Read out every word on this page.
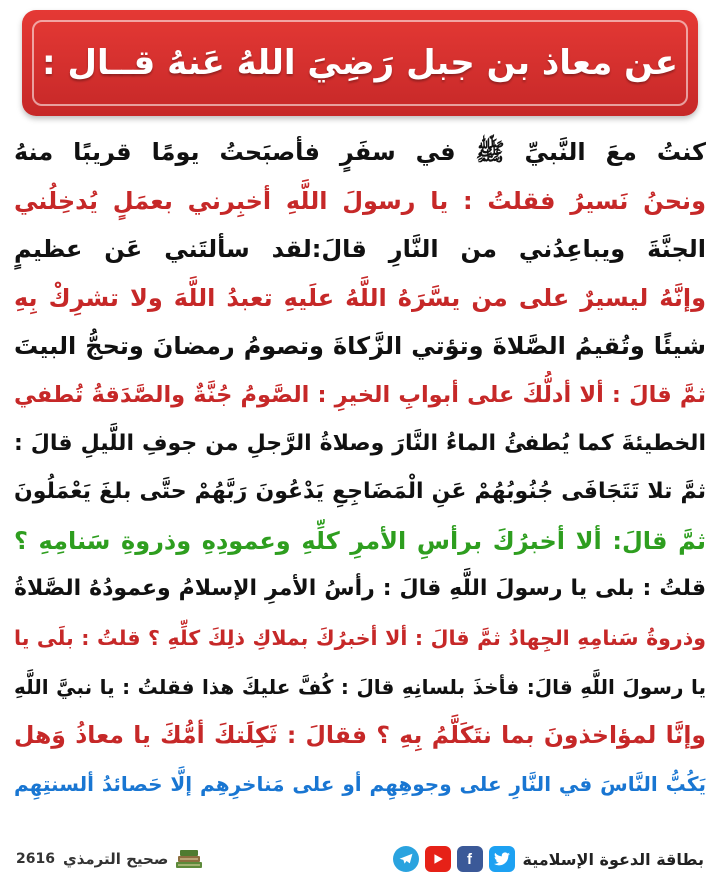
عن معاذ بن جبل رَضِيَ اللهُ عَنهُ قــال :
كنتُ معَ النَّبيِّ ﷺ في سفَرٍ فأصبَحتُ يومًا قريبًا منهُ
ونحنُ نَسيرُ فقلتُ : يا رسولَ اللَّهِ أخبِرني بعمَلٍ يُدخِلُني
الجنَّةَ ويباعِدُني من النَّارِ قالَ:لقد سألتَني عَن عظيمٍ
وإنَّهُ ليسيرٌ على من يسَّرَهُ اللَّهُ علَيهِ تعبدُ اللَّهَ ولا تشرِكْ بِهِ
شيئًا وتُقيمُ الصَّلاةَ وتؤتي الزَّكاةَ وتصومُ رمضانَ وتحجُّ البيتَ
ثمَّ قالَ : ألا أدلُّكَ على أبوابِ الخيرِ : الصَّومُ جُنَّةٌ والصَّدَقةُ تُطفي
الخطيئةَ كما يُطفئُ الماءُ النَّارَ وصلاةُ الرَّجلِ من جوفِ اللَّيلِ قالَ :
ثمَّ تلا تَتَجَافَى جُنُوبُهُمْ عَنِ الْمَضَاجِعِ يَدْعُونَ رَبَّهُمْ حتَّى بلغَ يَعْمَلُونَ
ثمَّ قالَ: ألا أخبرُكَ برأسِ الأمرِ كلِّهِ وعمودِهِ وذروةِ سَنامِهِ ؟
قلتُ : بلى يا رسولَ اللَّهِ قالَ : رأسُ الأمرِ الإسلامُ وعمودُهُ الصَّلاةُ
وذروةُ سَنامِهِ الجِهادُ ثمَّ قالَ : ألا أخبرُكَ بملاكِ ذلِكَ كلِّهِ ؟ قلتُ : بلَى يا
يا رسولَ اللَّهِ قالَ: فأخذَ بلسانِهِ قالَ : كُفَّ عليكَ هذا فقلتُ : يا نبيَّ اللَّهِ
وإنَّا لمؤاخذونَ بما نتَكَلَّمُ بِهِ ؟ فقالَ : ثَكِلَتكَ أمُّكَ يا معاذُ وَهل
يَكُبُّ النَّاسَ في النَّارِ على وجوهِهِم أو على مَناخرِهِم إلَّا حَصائدُ ألسنتِهِم
بطاقة الدعوة الإسلامية
f
صحيح الترمذي
2616
